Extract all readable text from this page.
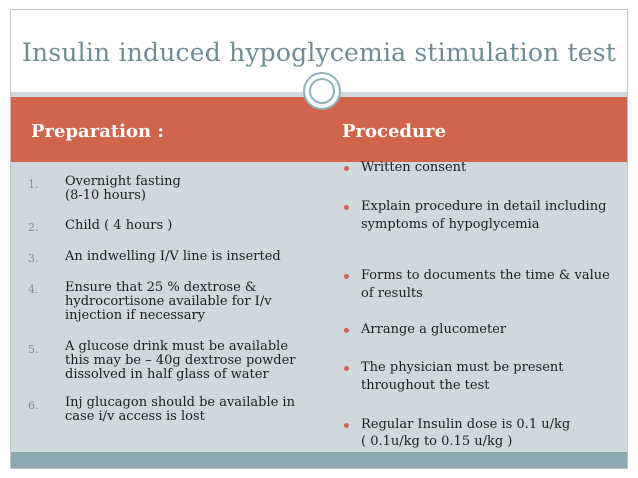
Insulin induced hypoglycemia stimulation test
Preparation :	Procedure
1. Overnight fasting
(8-10 hours)
2. Child ( 4 hours )
3. An indwelling I/V line is inserted
4. Ensure that 25 % dextrose &
hydrocortisone available for I/v
injection if necessary
5. A glucose drink must be available
this may be – 40g dextrose powder
dissolved in half glass of water
6. Inj glucagon should be available in
case i/v access is lost
Written consent
Explain procedure in detail including
symptoms of hypoglycemia
Forms to documents the time & value
of results
Arrange a glucometer
The physician must be present
throughout the test
Regular Insulin dose is 0.1 u/kg
( 0.1u/kg to 0.15 u/kg )
